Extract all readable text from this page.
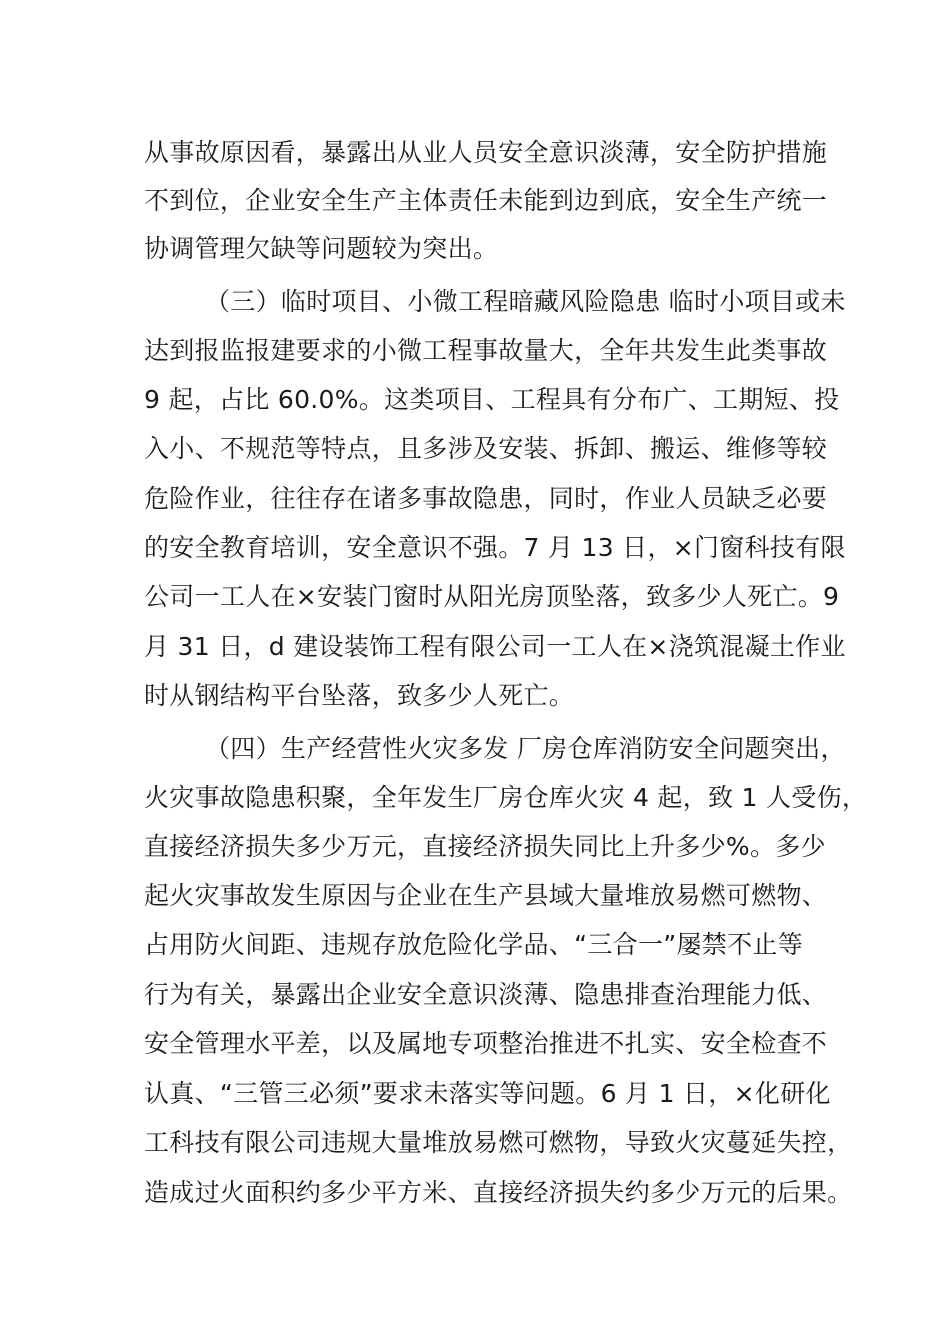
从事故原因看，暴露出从业人员安全意识淡薄，安全防护措施

不到位，企业安全生产主体责任未能到边到底，安全生产统一

协调管理欠缺等问题较为突出。

（三）临时项目、小微工程暗藏风险隐患 临时小项目或未

达到报监报建要求的小微工程事故量大，全年共发生此类事故

9 起，占比 60.0%。这类项目、工程具有分布广、工期短、投

入小、不规范等特点，且多涉及安装、拆卸、搬运、维修等较

危险作业，往往存在诸多事故隐患，同时，作业人员缺乏必要

的安全教育培训，安全意识不强。7 月 13 日，×门窗科技有限

公司一工人在×安装门窗时从阳光房顶坠落，致多少人死亡。9

月 31 日，d 建设装饰工程有限公司一工人在×浇筑混凝土作业

时从钢结构平台坠落，致多少人死亡。

（四）生产经营性火灾多发 厂房仓库消防安全问题突出，

火灾事故隐患积聚，全年发生厂房仓库火灾 4 起，致 1 人受伤，

直接经济损失多少万元，直接经济损失同比上升多少%。多少

起火灾事故发生原因与企业在生产县域大量堆放易燃可燃物、

占用防火间距、违规存放危险化学品、“三合一”屡禁不止等

行为有关，暴露出企业安全意识淡薄、隐患排查治理能力低、

安全管理水平差，以及属地专项整治推进不扎实、安全检查不

认真、“三管三必须”要求未落实等问题。6 月 1 日，×化研化

工科技有限公司违规大量堆放易燃可燃物，导致火灾蔓延失控，

造成过火面积约多少平方米、直接经济损失约多少万元的后果。
